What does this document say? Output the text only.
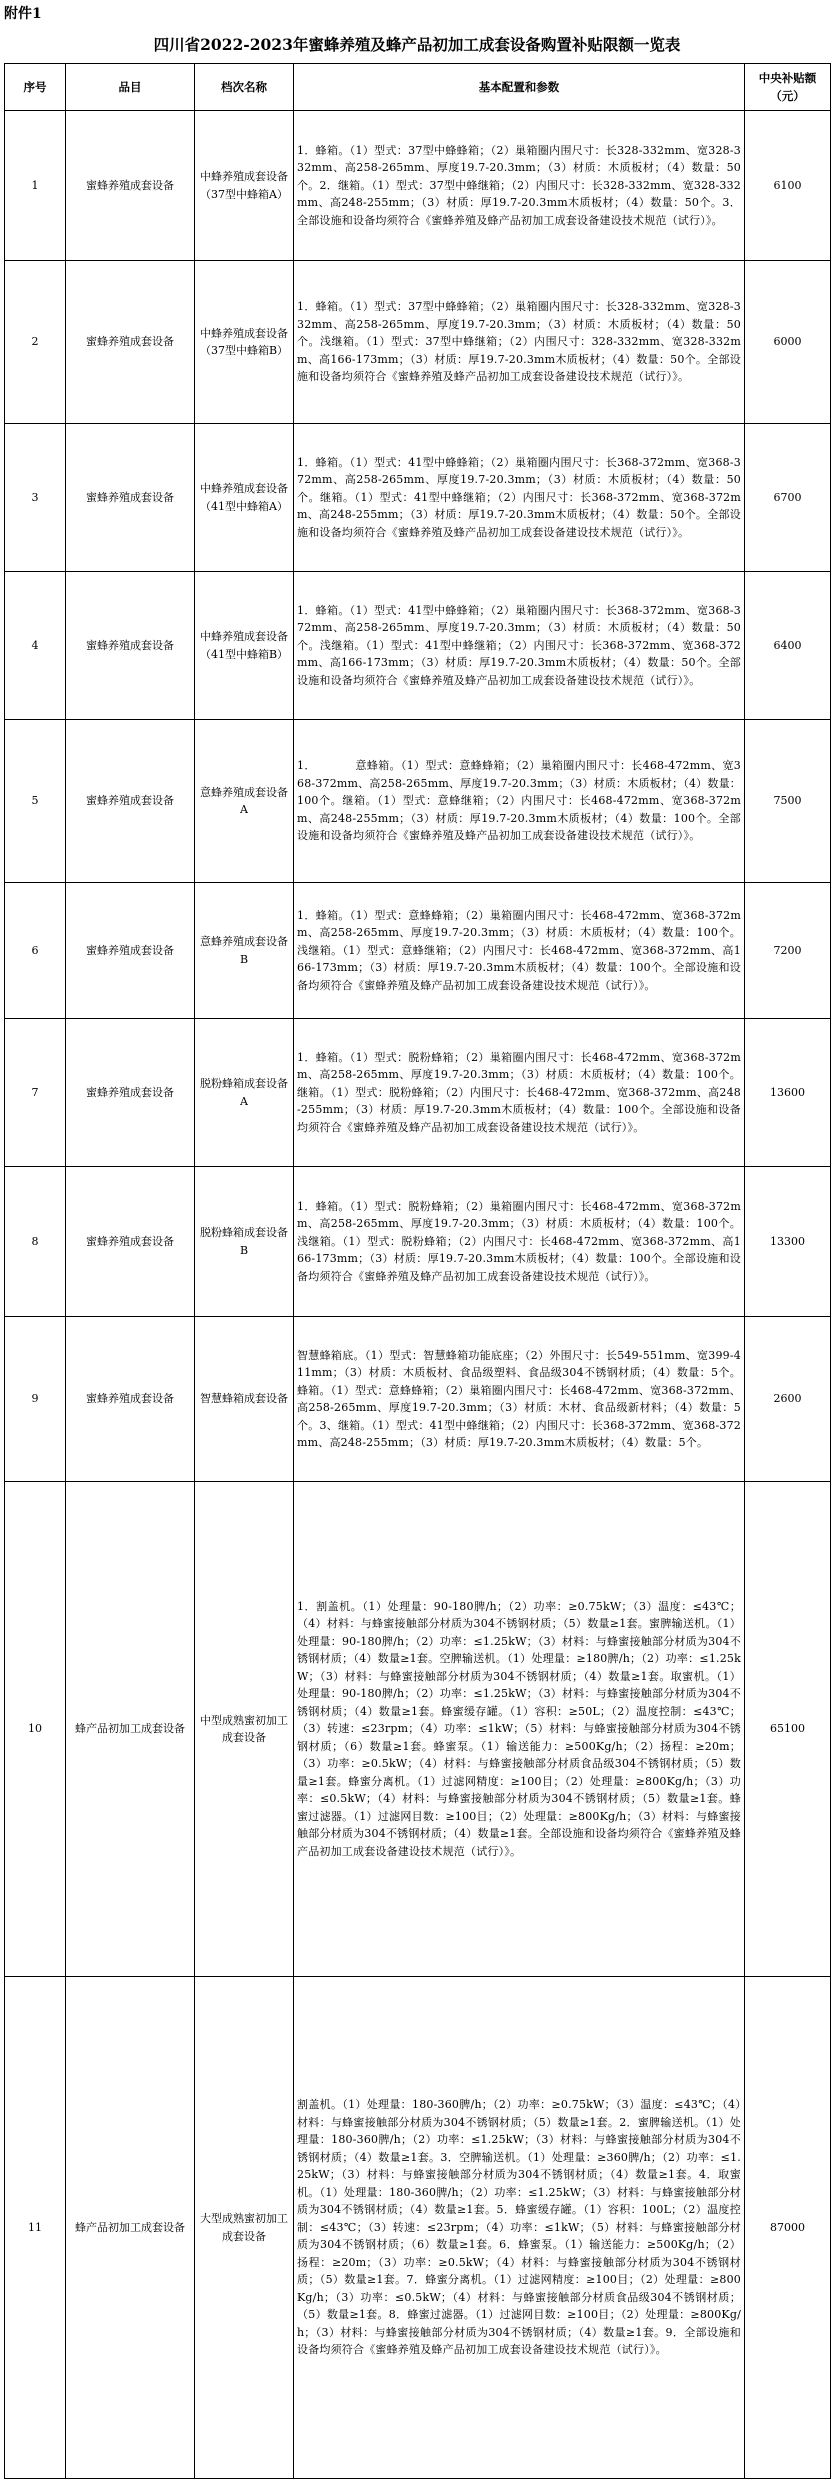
附件1
四川省2022-2023年蜜蜂养殖及蜂产品初加工成套设备购置补贴限额一览表
序号	品目	档次名称	基本配置和参数	中央补贴额（元）
1	蜜蜂养殖成套设备	中蜂养殖成套设备（37型中蜂箱A）	1．蜂箱。（1）型式：37型中蜂蜂箱；（2）巢箱圈内围尺寸：长328-332mm、宽328-332mm、高258-265mm、厚度19.7-20.3mm；（3）材质：木质板材；（4）数量：50个。2．继箱。（1）型式：37型中蜂继箱；（2）内围尺寸：长328-332mm、宽328-332mm、高248-255mm；（3）材质：厚19.7-20.3mm木质板材；（4）数量：50个。3．全部设施和设备均须符合《蜜蜂养殖及蜂产品初加工成套设备建设技术规范（试行）》。	6100
2	蜜蜂养殖成套设备	中蜂养殖成套设备（37型中蜂箱B）	1．蜂箱。（1）型式：37型中蜂蜂箱；（2）巢箱圈内围尺寸：长328-332mm、宽328-332mm、高258-265mm、厚度19.7-20.3mm；（3）材质：木质板材；（4）数量：50个。浅继箱。（1）型式：37型中蜂继箱；（2）内围尺寸：328-332mm、宽328-332mm、高166-173mm；（3）材质：厚19.7-20.3mm木质板材；（4）数量：50个。全部设施和设备均须符合《蜜蜂养殖及蜂产品初加工成套设备建设技术规范（试行）》。	6000
3	蜜蜂养殖成套设备	中蜂养殖成套设备（41型中蜂箱A）	1．蜂箱。（1）型式：41型中蜂蜂箱；（2）巢箱圈内围尺寸：长368-372mm、宽368-372mm、高258-265mm、厚度19.7-20.3mm；（3）材质：木质板材；（4）数量：50个。继箱。（1）型式：41型中蜂继箱；（2）内围尺寸：长368-372mm、宽368-372mm、高248-255mm；（3）材质：厚19.7-20.3mm木质板材；（4）数量：50个。全部设施和设备均须符合《蜜蜂养殖及蜂产品初加工成套设备建设技术规范（试行）》。	6700
4	蜜蜂养殖成套设备	中蜂养殖成套设备（41型中蜂箱B）	1．蜂箱。（1）型式：41型中蜂蜂箱；（2）巢箱圈内围尺寸：长368-372mm、宽368-372mm、高258-265mm、厚度19.7-20.3mm；（3）材质：木质板材；（4）数量：50个。浅继箱。（1）型式：41型中蜂继箱；（2）内围尺寸：长368-372mm、宽368-372mm、高166-173mm；（3）材质：厚19.7-20.3mm木质板材；（4）数量：50个。全部设施和设备均须符合《蜜蜂养殖及蜂产品初加工成套设备建设技术规范（试行）》。	6400
5	蜜蜂养殖成套设备	意蜂养殖成套设备A	1．　　　　意蜂箱。（1）型式：意蜂蜂箱；（2）巢箱圈内围尺寸：长468-472mm、宽368-372mm、高258-265mm、厚度19.7-20.3mm；（3）材质：木质板材；（4）数量：100个。继箱。（1）型式：意蜂继箱；（2）内围尺寸：长468-472mm、宽368-372mm、高248-255mm；（3）材质：厚19.7-20.3mm木质板材；（4）数量：100个。全部设施和设备均须符合《蜜蜂养殖及蜂产品初加工成套设备建设技术规范（试行）》。	7500
6	蜜蜂养殖成套设备	意蜂养殖成套设备B	1．蜂箱。（1）型式：意蜂蜂箱；（2）巢箱圈内围尺寸：长468-472mm、宽368-372mm、高258-265mm、厚度19.7-20.3mm；（3）材质：木质板材；（4）数量：100个。浅继箱。（1）型式：意蜂继箱；（2）内围尺寸：长468-472mm、宽368-372mm、高166-173mm；（3）材质：厚19.7-20.3mm木质板材；（4）数量：100个。全部设施和设备均须符合《蜜蜂养殖及蜂产品初加工成套设备建设技术规范（试行）》。	7200
7	蜜蜂养殖成套设备	脱粉蜂箱成套设备A	1．蜂箱。（1）型式：脱粉蜂箱；（2）巢箱圈内围尺寸：长468-472mm、宽368-372mm、高258-265mm、厚度19.7-20.3mm；（3）材质：木质板材；（4）数量：100个。继箱。（1）型式：脱粉蜂箱；（2）内围尺寸：长468-472mm、宽368-372mm、高248-255mm；（3）材质：厚19.7-20.3mm木质板材；（4）数量：100个。全部设施和设备均须符合《蜜蜂养殖及蜂产品初加工成套设备建设技术规范（试行）》。	13600
8	蜜蜂养殖成套设备	脱粉蜂箱成套设备B	1．蜂箱。（1）型式：脱粉蜂箱；（2）巢箱圈内围尺寸：长468-472mm、宽368-372mm、高258-265mm、厚度19.7-20.3mm；（3）材质：木质板材；（4）数量：100个。浅继箱。（1）型式：脱粉蜂箱；（2）内围尺寸：长468-472mm、宽368-372mm、高166-173mm；（3）材质：厚19.7-20.3mm木质板材；（4）数量：100个。全部设施和设备均须符合《蜜蜂养殖及蜂产品初加工成套设备建设技术规范（试行）》。	13300
9	蜜蜂养殖成套设备	智慧蜂箱成套设备	智慧蜂箱底。（1）型式：智慧蜂箱功能底座；（2）外围尺寸：长549-551mm、宽399-411mm；（3）材质：木质板材、食品级塑料、食品级304不锈钢材质；（4）数量：5个。蜂箱。（1）型式：意蜂蜂箱；（2）巢箱圈内围尺寸：长468-472mm、宽368-372mm、高258-265mm、厚度19.7-20.3mm；（3）材质：木材、食品级新材料；（4）数量：5个。3、继箱。（1）型式：41型中蜂继箱；（2）内围尺寸：长368-372mm、宽368-372mm、高248-255mm；（3）材质：厚19.7-20.3mm木质板材；（4）数量：5个。	2600
10	蜂产品初加工成套设备	中型成熟蜜初加工成套设备	1．割盖机。（1）处理量：90-180脾/h；（2）功率：≥0.75kW；（3）温度：≤43℃；（4）材料：与蜂蜜接触部分材质为304不锈钢材质；（5）数量≥1套。蜜脾输送机。（1）处理量：90-180脾/h；（2）功率：≤1.25kW；（3）材料：与蜂蜜接触部分材质为304不锈钢材质；（4）数量≥1套。空脾输送机。（1）处理量：≥180脾/h；（2）功率：≤1.25kW；（3）材料：与蜂蜜接触部分材质为304不锈钢材质；（4）数量≥1套。取蜜机。（1）处理量：90-180脾/h；（2）功率：≤1.25kW；（3）材料：与蜂蜜接触部分材质为304不锈钢材质；（4）数量≥1套。蜂蜜缓存罐。（1）容积：≥50L；（2）温度控制：≤43℃；（3）转速：≤23rpm；（4）功率：≤1kW；（5）材料：与蜂蜜接触部分材质为304不锈钢材质；（6）数量≥1套。蜂蜜泵。（1）输送能力：≥500Kg/h；（2）扬程：≥20m；（3）功率：≥0.5kW；（4）材料：与蜂蜜接触部分材质食品级304不锈钢材质；（5）数量≥1套。蜂蜜分离机。（1）过滤网精度：≥100目；（2）处理量：≥800Kg/h；（3）功率：≤0.5kW；（4）材料：与蜂蜜接触部分材质为304不锈钢材质；（5）数量≥1套。蜂蜜过滤器。（1）过滤网目数：≥100目；（2）处理量：≥800Kg/h；（3）材料：与蜂蜜接触部分材质为304不锈钢材质；（4）数量≥1套。全部设施和设备均须符合《蜜蜂养殖及蜂产品初加工成套设备建设技术规范（试行）》。	65100
11	蜂产品初加工成套设备	大型成熟蜜初加工成套设备	割盖机。（1）处理量：180-360脾/h；（2）功率：≥0.75kW；（3）温度：≤43℃；（4）材料：与蜂蜜接触部分材质为304不锈钢材质；（5）数量≥1套。2．蜜脾输送机。（1）处理量：180-360脾/h；（2）功率：≤1.25kW；（3）材料：与蜂蜜接触部分材质为304不锈钢材质；（4）数量≥1套。3．空脾输送机。（1）处理量：≥360脾/h；（2）功率：≤1.25kW；（3）材料：与蜂蜜接触部分材质为304不锈钢材质；（4）数量≥1套。4．取蜜机。（1）处理量：180-360脾/h；（2）功率：≤1.25kW；（3）材料：与蜂蜜接触部分材质为304不锈钢材质；（4）数量≥1套。5．蜂蜜缓存罐。（1）容积：100L；（2）温度控制：≤43℃；（3）转速：≤23rpm；（4）功率：≤1kW；（5）材料：与蜂蜜接触部分材质为304不锈钢材质；（6）数量≥1套。6．蜂蜜泵。（1）输送能力：≥500Kg/h；（2）扬程：≥20m；（3）功率：≥0.5kW；（4）材料：与蜂蜜接触部分材质为304不锈钢材质；（5）数量≥1套。7．蜂蜜分离机。（1）过滤网精度：≥100目；（2）处理量：≥800Kg/h；（3）功率：≤0.5kW；（4）材料：与蜂蜜接触部分材质食品级304不锈钢材质；（5）数量≥1套。8．蜂蜜过滤器。（1）过滤网目数：≥100目；（2）处理量：≥800Kg/h；（3）材料：与蜂蜜接触部分材质为304不锈钢材质；（4）数量≥1套。9．全部设施和设备均须符合《蜜蜂养殖及蜂产品初加工成套设备建设技术规范（试行）》。	87000
